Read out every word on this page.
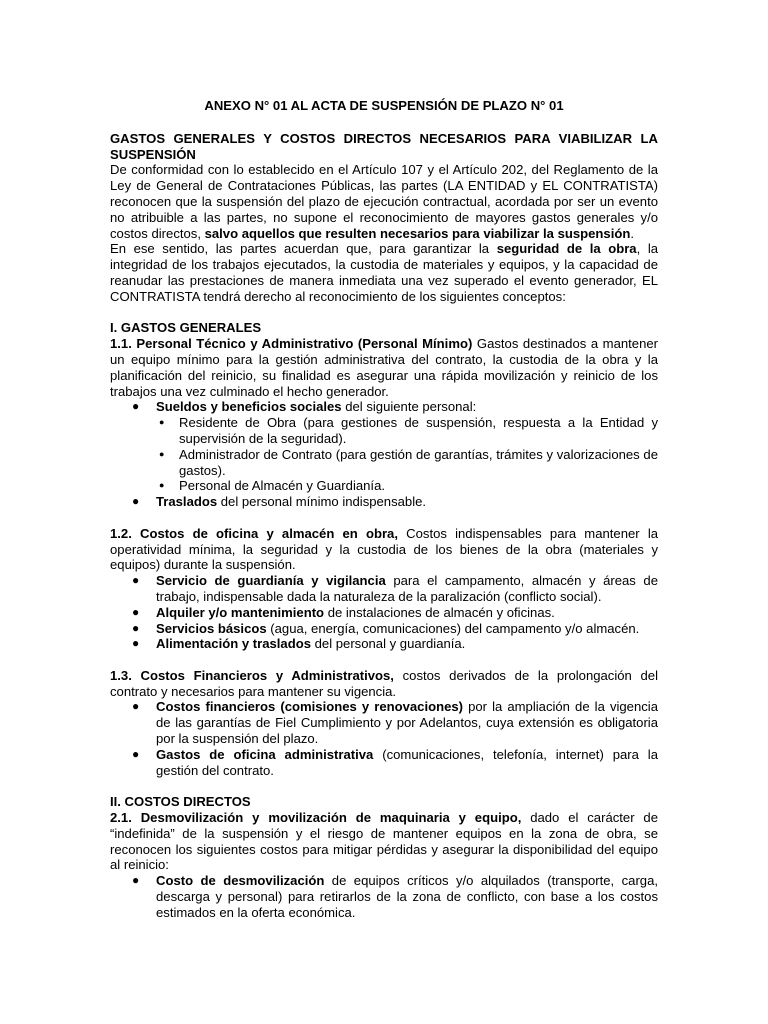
ANEXO N° 01 AL ACTA DE SUSPENSIÓN DE PLAZO N° 01

GASTOS GENERALES Y COSTOS DIRECTOS NECESARIOS PARA VIABILIZAR LA SUSPENSIÓN

De conformidad con lo establecido en el Artículo 107 y el Artículo 202, del Reglamento de la Ley de General de Contrataciones Públicas, las partes (LA ENTIDAD y EL CONTRATISTA) reconocen que la suspensión del plazo de ejecución contractual, acordada por ser un evento no atribuible a las partes, no supone el reconocimiento de mayores gastos generales y/o costos directos, salvo aquellos que resulten necesarios para viabilizar la suspensión.

En ese sentido, las partes acuerdan que, para garantizar la seguridad de la obra, la integridad de los trabajos ejecutados, la custodia de materiales y equipos, y la capacidad de reanudar las prestaciones de manera inmediata una vez superado el evento generador, EL CONTRATISTA tendrá derecho al reconocimiento de los siguientes conceptos:

I. GASTOS GENERALES

1.1. Personal Técnico y Administrativo (Personal Mínimo) Gastos destinados a mantener un equipo mínimo para la gestión administrativa del contrato, la custodia de la obra y la planificación del reinicio, su finalidad es asegurar una rápida movilización y reinicio de los trabajos una vez culminado el hecho generador.

● Sueldos y beneficios sociales del siguiente personal:
● Residente de Obra (para gestiones de suspensión, respuesta a la Entidad y supervisión de la seguridad).
● Administrador de Contrato (para gestión de garantías, trámites y valorizaciones de gastos).
● Personal de Almacén y Guardianía.
● Traslados del personal mínimo indispensable.

1.2. Costos de oficina y almacén en obra, Costos indispensables para mantener la operatividad mínima, la seguridad y la custodia de los bienes de la obra (materiales y equipos) durante la suspensión.

● Servicio de guardianía y vigilancia para el campamento, almacén y áreas de trabajo, indispensable dada la naturaleza de la paralización (conflicto social).
● Alquiler y/o mantenimiento de instalaciones de almacén y oficinas.
● Servicios básicos (agua, energía, comunicaciones) del campamento y/o almacén.
● Alimentación y traslados del personal y guardianía.

1.3. Costos Financieros y Administrativos, costos derivados de la prolongación del contrato y necesarios para mantener su vigencia.

● Costos financieros (comisiones y renovaciones) por la ampliación de la vigencia de las garantías de Fiel Cumplimiento y por Adelantos, cuya extensión es obligatoria por la suspensión del plazo.
● Gastos de oficina administrativa (comunicaciones, telefonía, internet) para la gestión del contrato.

II. COSTOS DIRECTOS

2.1. Desmovilización y movilización de maquinaria y equipo, dado el carácter de “indefinida” de la suspensión y el riesgo de mantener equipos en la zona de obra, se reconocen los siguientes costos para mitigar pérdidas y asegurar la disponibilidad del equipo al reinicio:

● Costo de desmovilización de equipos críticos y/o alquilados (transporte, carga, descarga y personal) para retirarlos de la zona de conflicto, con base a los costos estimados en la oferta económica.
